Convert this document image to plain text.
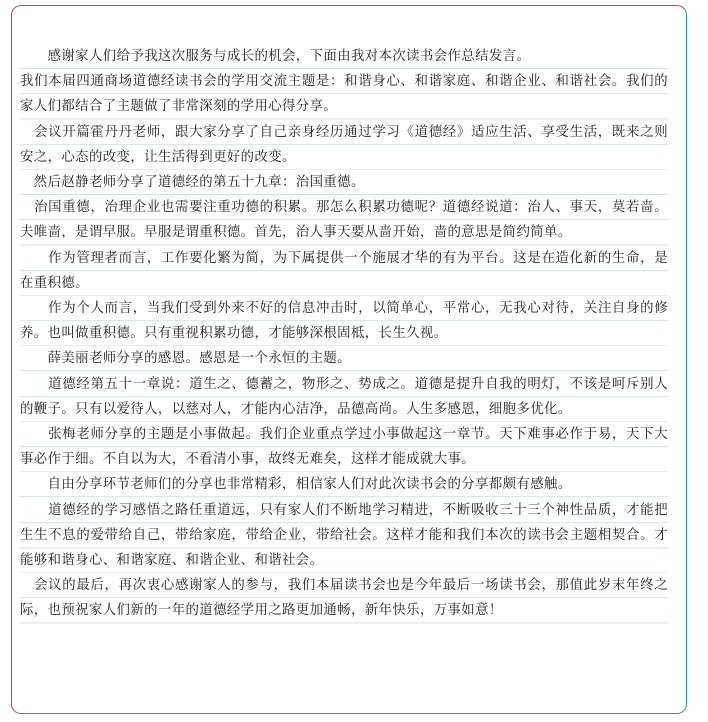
　　感谢家人们给予我这次服务与成长的机会，下面由我对本次读书会作总结发言。

我们本届四通商场道德经读书会的学用交流主题是：和谐身心、和谐家庭、和谐企业、和谐社会。我们的家人们都结合了主题做了非常深刻的学用心得分享。

　会议开篇霍丹丹老师，跟大家分享了自己亲身经历通过学习《道德经》适应生活、享受生活，既来之则安之，心态的改变，让生活得到更好的改变。

　然后赵静老师分享了道德经的第五十九章：治国重德。

　治国重德，治理企业也需要注重功德的积累。那怎么积累功德呢？道德经说道：治人、事天，莫若啬。夫唯啬，是谓早服。早服是谓重积德。首先，治人事天要从啬开始，啬的意思是简约简单。

　　作为管理者而言，工作要化繁为简，为下属提供一个施展才华的有为平台。这是在造化新的生命，是在重积德。

　　作为个人而言，当我们受到外来不好的信息冲击时，以简单心，平常心，无我心对待，关注自身的修养。也叫做重积德。只有重视积累功德，才能够深根固柢，长生久视。

　　薛美丽老师分享的感恩。感恩是一个永恒的主题。

　　道德经第五十一章说：道生之、德蓄之，物形之、势成之。道德是提升自我的明灯，不该是呵斥别人的鞭子。只有以爱待人，以慈对人，才能内心洁净，品德高尚。人生多感恩，细胞多优化。

　　张梅老师分享的主题是小事做起。我们企业重点学过小事做起这一章节。天下难事必作于易，天下大事必作于细。不自以为大，不看清小事，故终无难矣，这样才能成就大事。

　　自由分享环节老师们的分享也非常精彩，相信家人们对此次读书会的分享都颇有感触。

　　道德经的学习感悟之路任重道远，只有家人们不断地学习精进，不断吸收三十三个神性品质，才能把生生不息的爱带给自己，带给家庭，带给企业，带给社会。这样才能和我们本次的读书会主题相契合。才能够和谐身心、和谐家庭、和谐企业、和谐社会。

　会议的最后，再次衷心感谢家人的参与，我们本届读书会也是今年最后一场读书会，那值此岁末年终之际，也预祝家人们新的一年的道德经学用之路更加通畅，新年快乐，万事如意！
